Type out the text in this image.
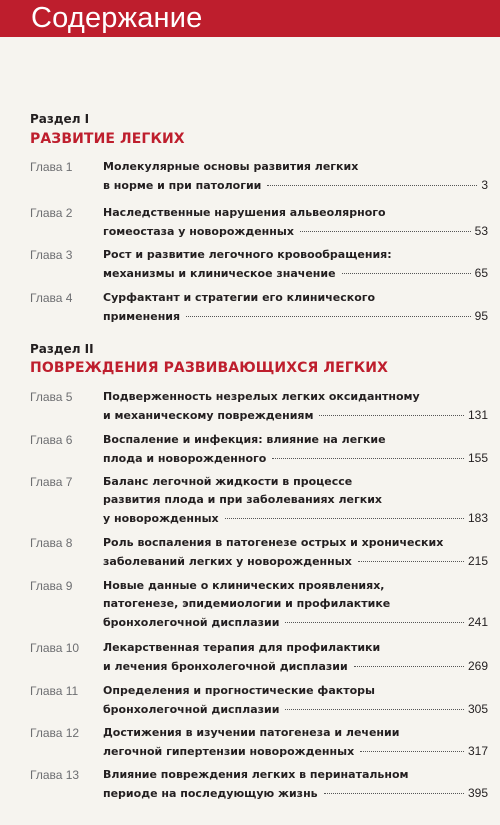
Содержание
Раздел I
РАЗВИТИЕ ЛЕГКИХ
Глава 1	Молекулярные основы развития легких
в норме и при патологии	3
Глава 2	Наследственные нарушения альвеолярного
гомеостаза у новорожденных	53
Глава 3	Рост и развитие легочного кровообращения:
механизмы и клиническое значение	65
Глава 4	Сурфактант и стратегии его клинического
применения	95
Раздел II
ПОВРЕЖДЕНИЯ РАЗВИВАЮЩИХСЯ ЛЕГКИХ
Глава 5	Подверженность незрелых легких оксидантному
и механическому повреждениям	131
Глава 6	Воспаление и инфекция: влияние на легкие
плода и новорожденного	155
Глава 7	Баланс легочной жидкости в процессе
развития плода и при заболеваниях легких
у новорожденных	183
Глава 8	Роль воспаления в патогенезе острых и хронических
заболеваний легких у новорожденных	215
Глава 9	Новые данные о клинических проявлениях,
патогенезе, эпидемиологии и профилактике
бронхолегочной дисплазии	241
Глава 10 Лекарственная терапия для профилактики
и лечения бронхолегочной дисплазии	269
Глава 11 Определения и прогностические факторы
бронхолегочной дисплазии	305
Глава 12 Достижения в изучении патогенеза и лечении
легочной гипертензии новорожденных	317
Глава 13 Влияние повреждения легких в перинатальном
периоде на последующую жизнь	395
